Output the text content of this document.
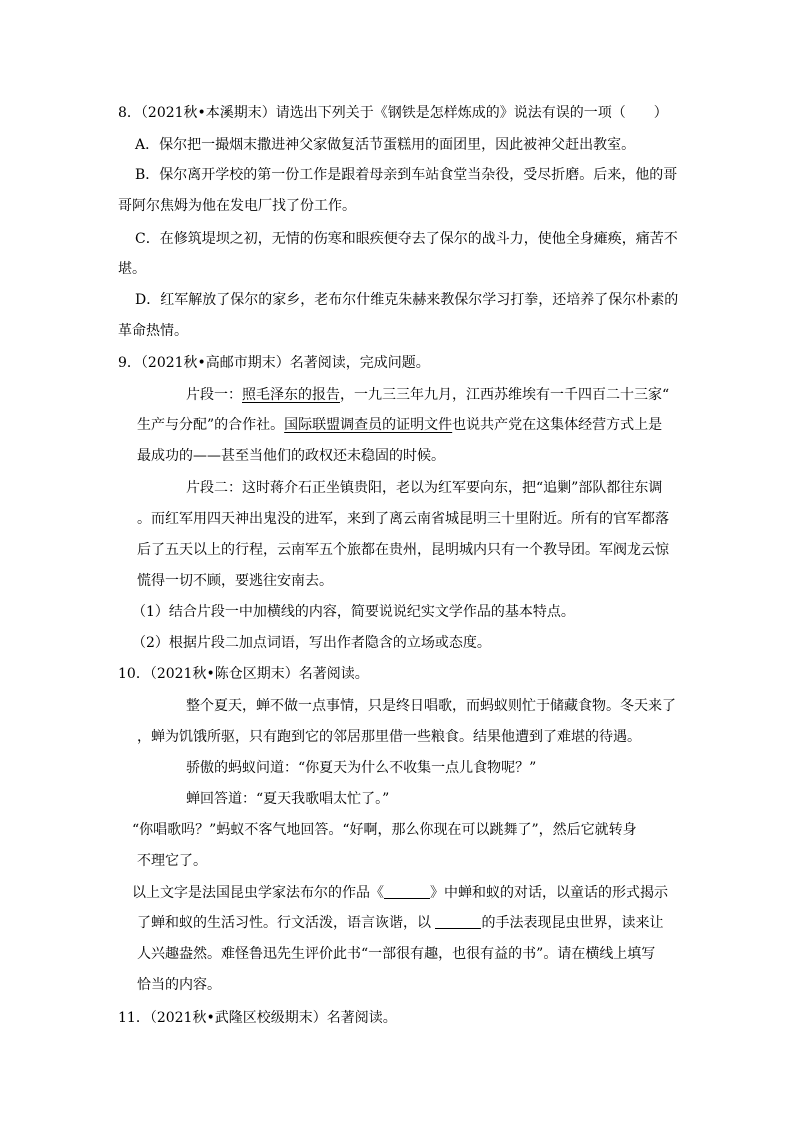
8．（2021秋•本溪期末）请选出下列关于《钢铁是怎样炼成的》说法有误的一项（　　）
A．保尔把一撮烟末撒进神父家做复活节蛋糕用的面团里，因此被神父赶出教室。
B．保尔离开学校的第一份工作是跟着母亲到车站食堂当杂役，受尽折磨。后来，他的哥
哥阿尔焦姆为他在发电厂找了份工作。
C．在修筑堤坝之初，无情的伤寒和眼疾便夺去了保尔的战斗力，使他全身瘫痪，痛苦不
堪。
D．红军解放了保尔的家乡，老布尔什维克朱赫来教保尔学习打拳，还培养了保尔朴素的
革命热情。
9．（2021秋•高邮市期末）名著阅读，完成问题。
片段一：照毛泽东的报告，一九三三年九月，江西苏维埃有一千四百二十三家“
生产与分配”的合作社。国际联盟调查员的证明文件也说共产党在这集体经营方式上是
最成功的——甚至当他们的政权还未稳固的时候。
片段二：这时蒋介石正坐镇贵阳，老以为红军要向东，把“追剿”部队都往东调
。而红军用四天神出鬼没的进军，来到了离云南省城昆明三十里附近。所有的官军都落
后了五天以上的行程，云南军五个旅都在贵州，昆明城内只有一个教导团。军阀龙云惊
慌得一切不顾，要逃往安南去。
（1）结合片段一中加横线的内容，简要说说纪实文学作品的基本特点。
（2）根据片段二加点词语，写出作者隐含的立场或态度。
10．（2021秋•陈仓区期末）名著阅读。
整个夏天，蝉不做一点事情，只是终日唱歌，而蚂蚁则忙于储藏食物。冬天来了
，蝉为饥饿所驱，只有跑到它的邻居那里借一些粮食。结果他遭到了难堪的待遇。
骄傲的蚂蚁问道：“你夏天为什么不收集一点儿食物呢？”
蝉回答道：“夏天我歌唱太忙了。”
“你唱歌吗？”蚂蚁不客气地回答。“好啊，那么你现在可以跳舞了”，然后它就转身
不理它了。
以上文字是法国昆虫学家法布尔的作品《	》中蝉和蚁的对话，以童话的形式揭示
了蝉和蚁的生活习性。行文活泼，语言诙谐，以	的手法表现昆虫世界，读来让
人兴趣盎然。难怪鲁迅先生评价此书“一部很有趣，也很有益的书”。请在横线上填写
恰当的内容。
11．（2021秋•武隆区校级期末）名著阅读。
